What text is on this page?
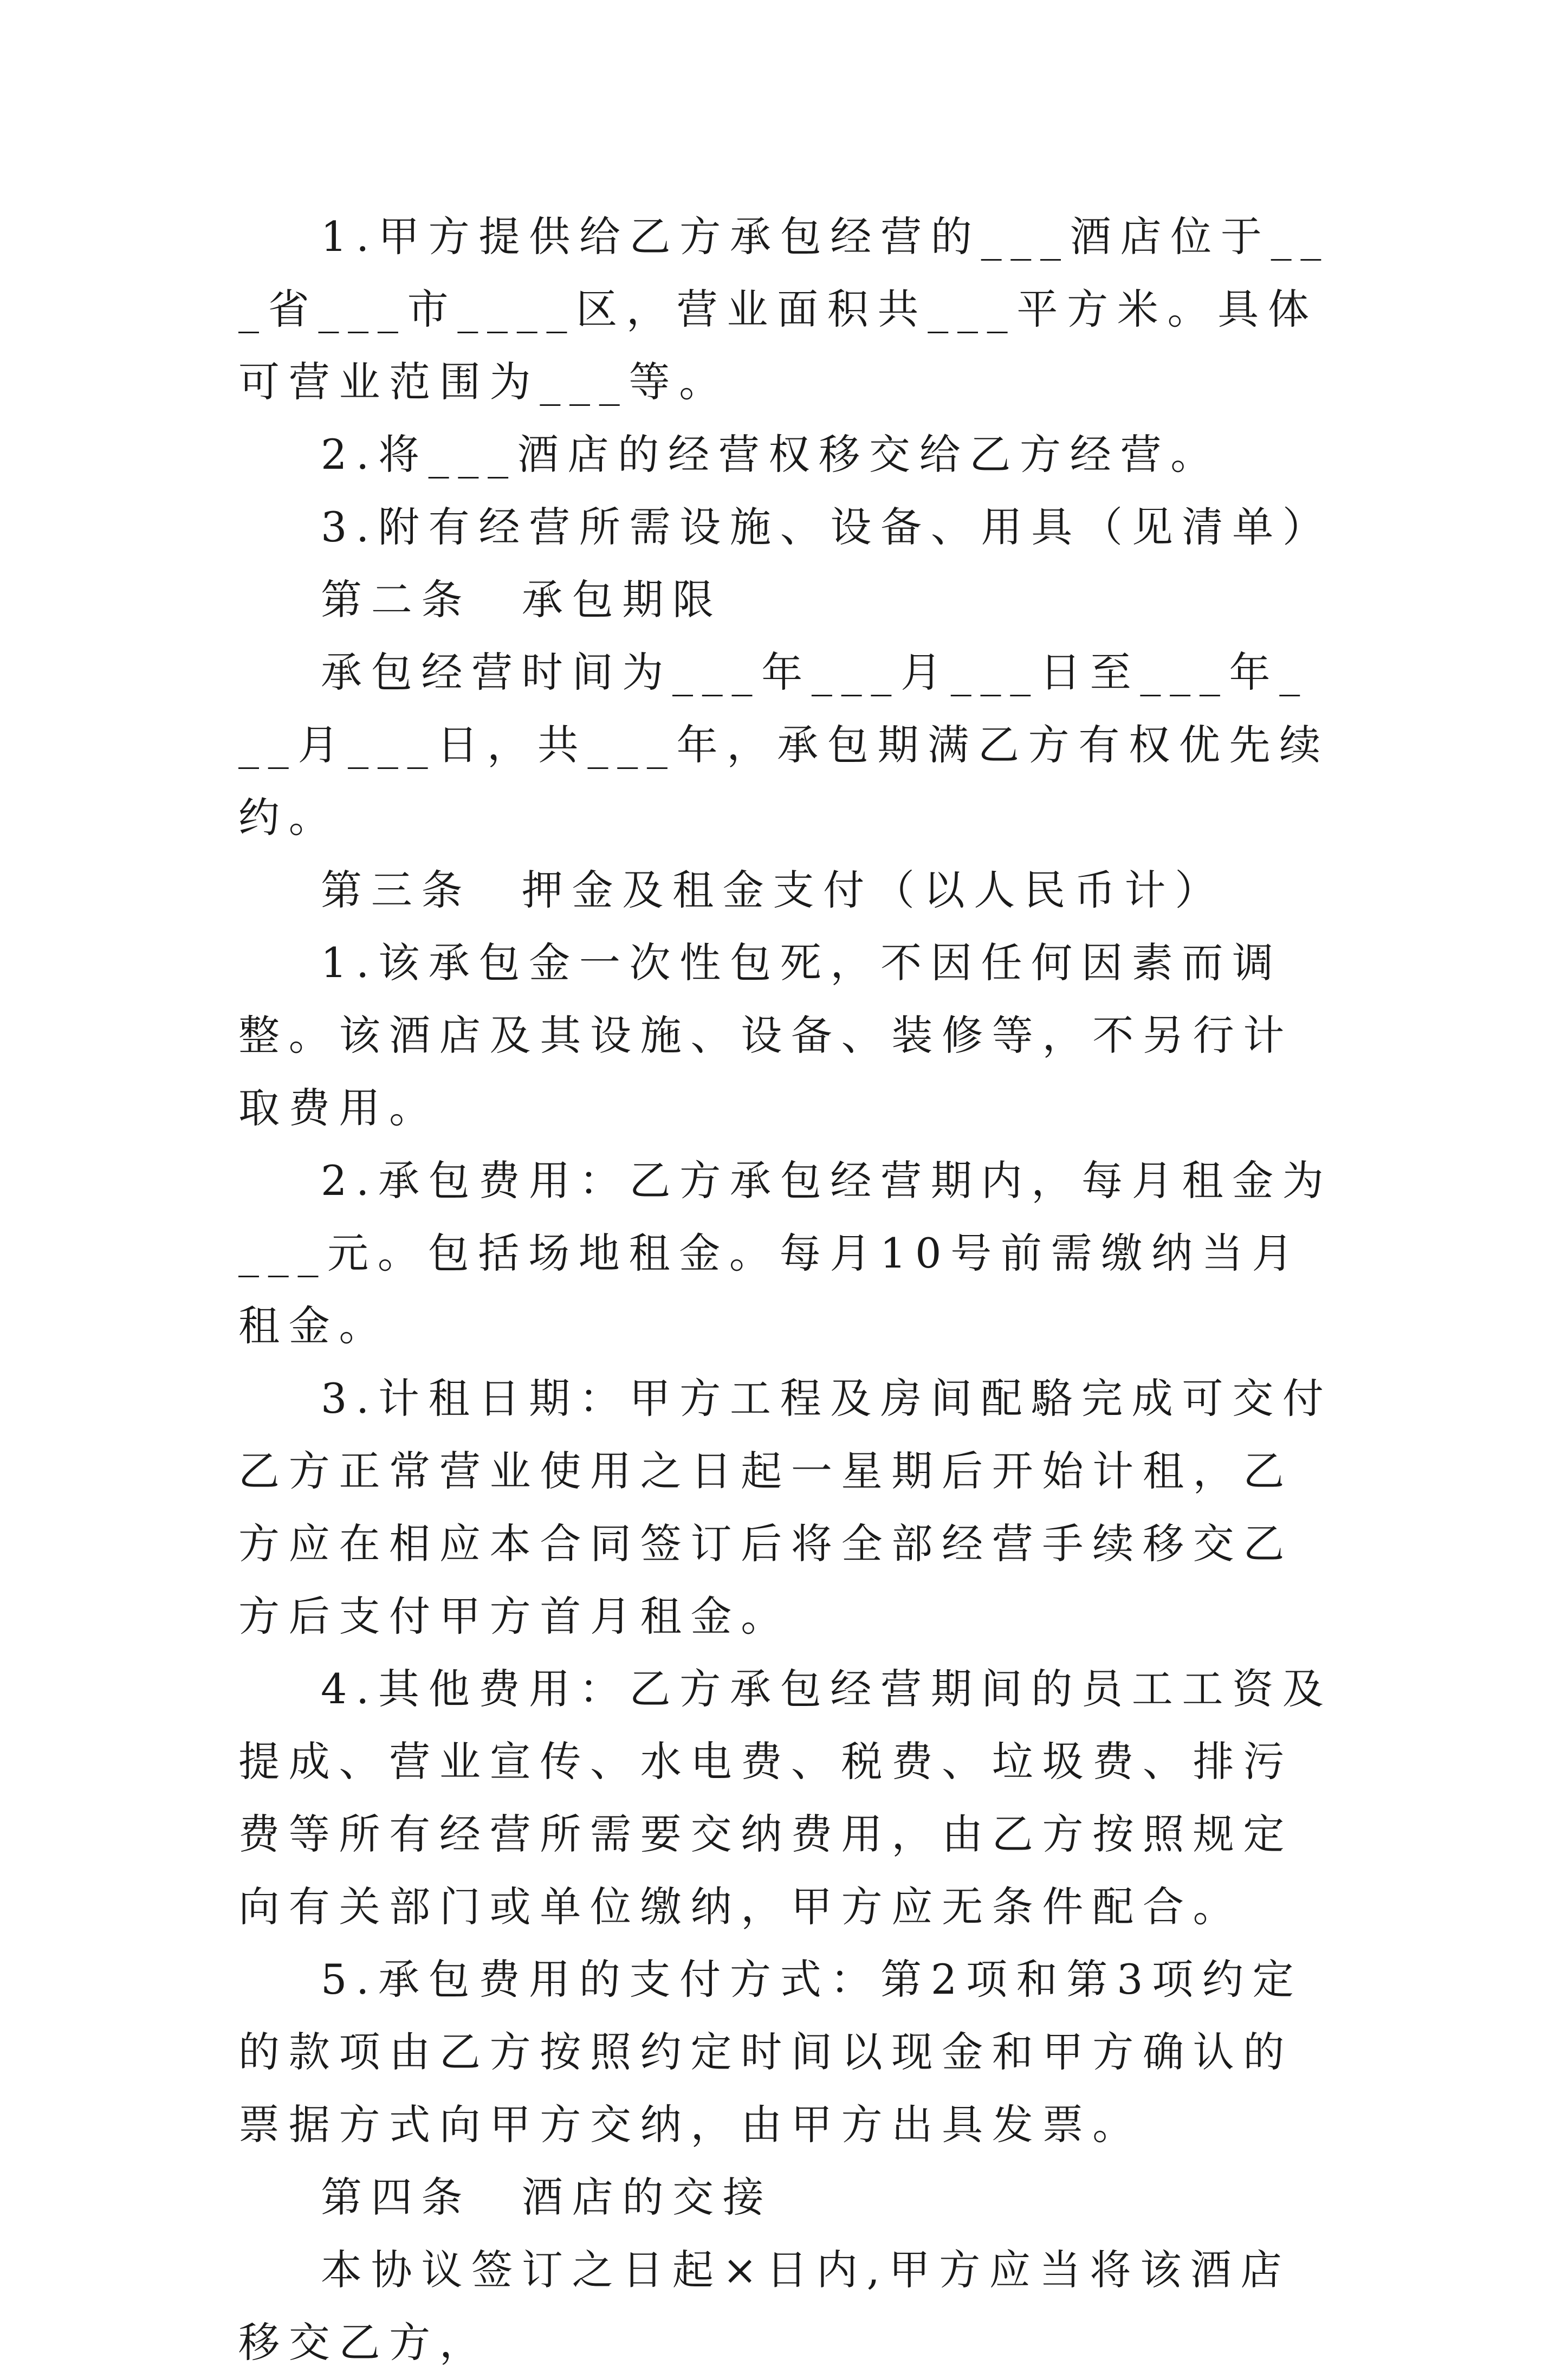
1.甲方提供给乙方承包经营的___酒店位于___省___市____区，营业面积共___平方米。具体可营业范围为___等。

2.将___酒店的经营权移交给乙方经营。

3.附有经营所需设施、设备、用具（见清单）

第二条　承包期限

承包经营时间为___年___月___日至___年___月___日，共___年，承包期满乙方有权优先续约。

第三条　押金及租金支付（以人民币计）

1.该承包金一次性包死，不因任何因素而调整。该酒店及其设施、设备、装修等，不另行计取费用。

2.承包费用：乙方承包经营期内，每月租金为___元。包括场地租金。每月10号前需缴纳当月租金。

3.计租日期：甲方工程及房间配駱完成可交付乙方正常营业使用之日起一星期后开始计租，乙方应在相应本合同签订后将全部经营手续移交乙方后支付甲方首月租金。

4.其他费用：乙方承包经营期间的员工工资及提成、营业宣传、水电费、税费、垃圾费、排污费等所有经营所需要交纳费用，由乙方按照规定向有关部门或单位缴纳，甲方应无条件配合。

5.承包费用的支付方式：第2项和第3项约定的款项由乙方按照约定时间以现金和甲方确认的票据方式向甲方交纳，由甲方出具发票。

第四条　酒店的交接

本协议签订之日起×日内,甲方应当将该酒店移交乙方，
